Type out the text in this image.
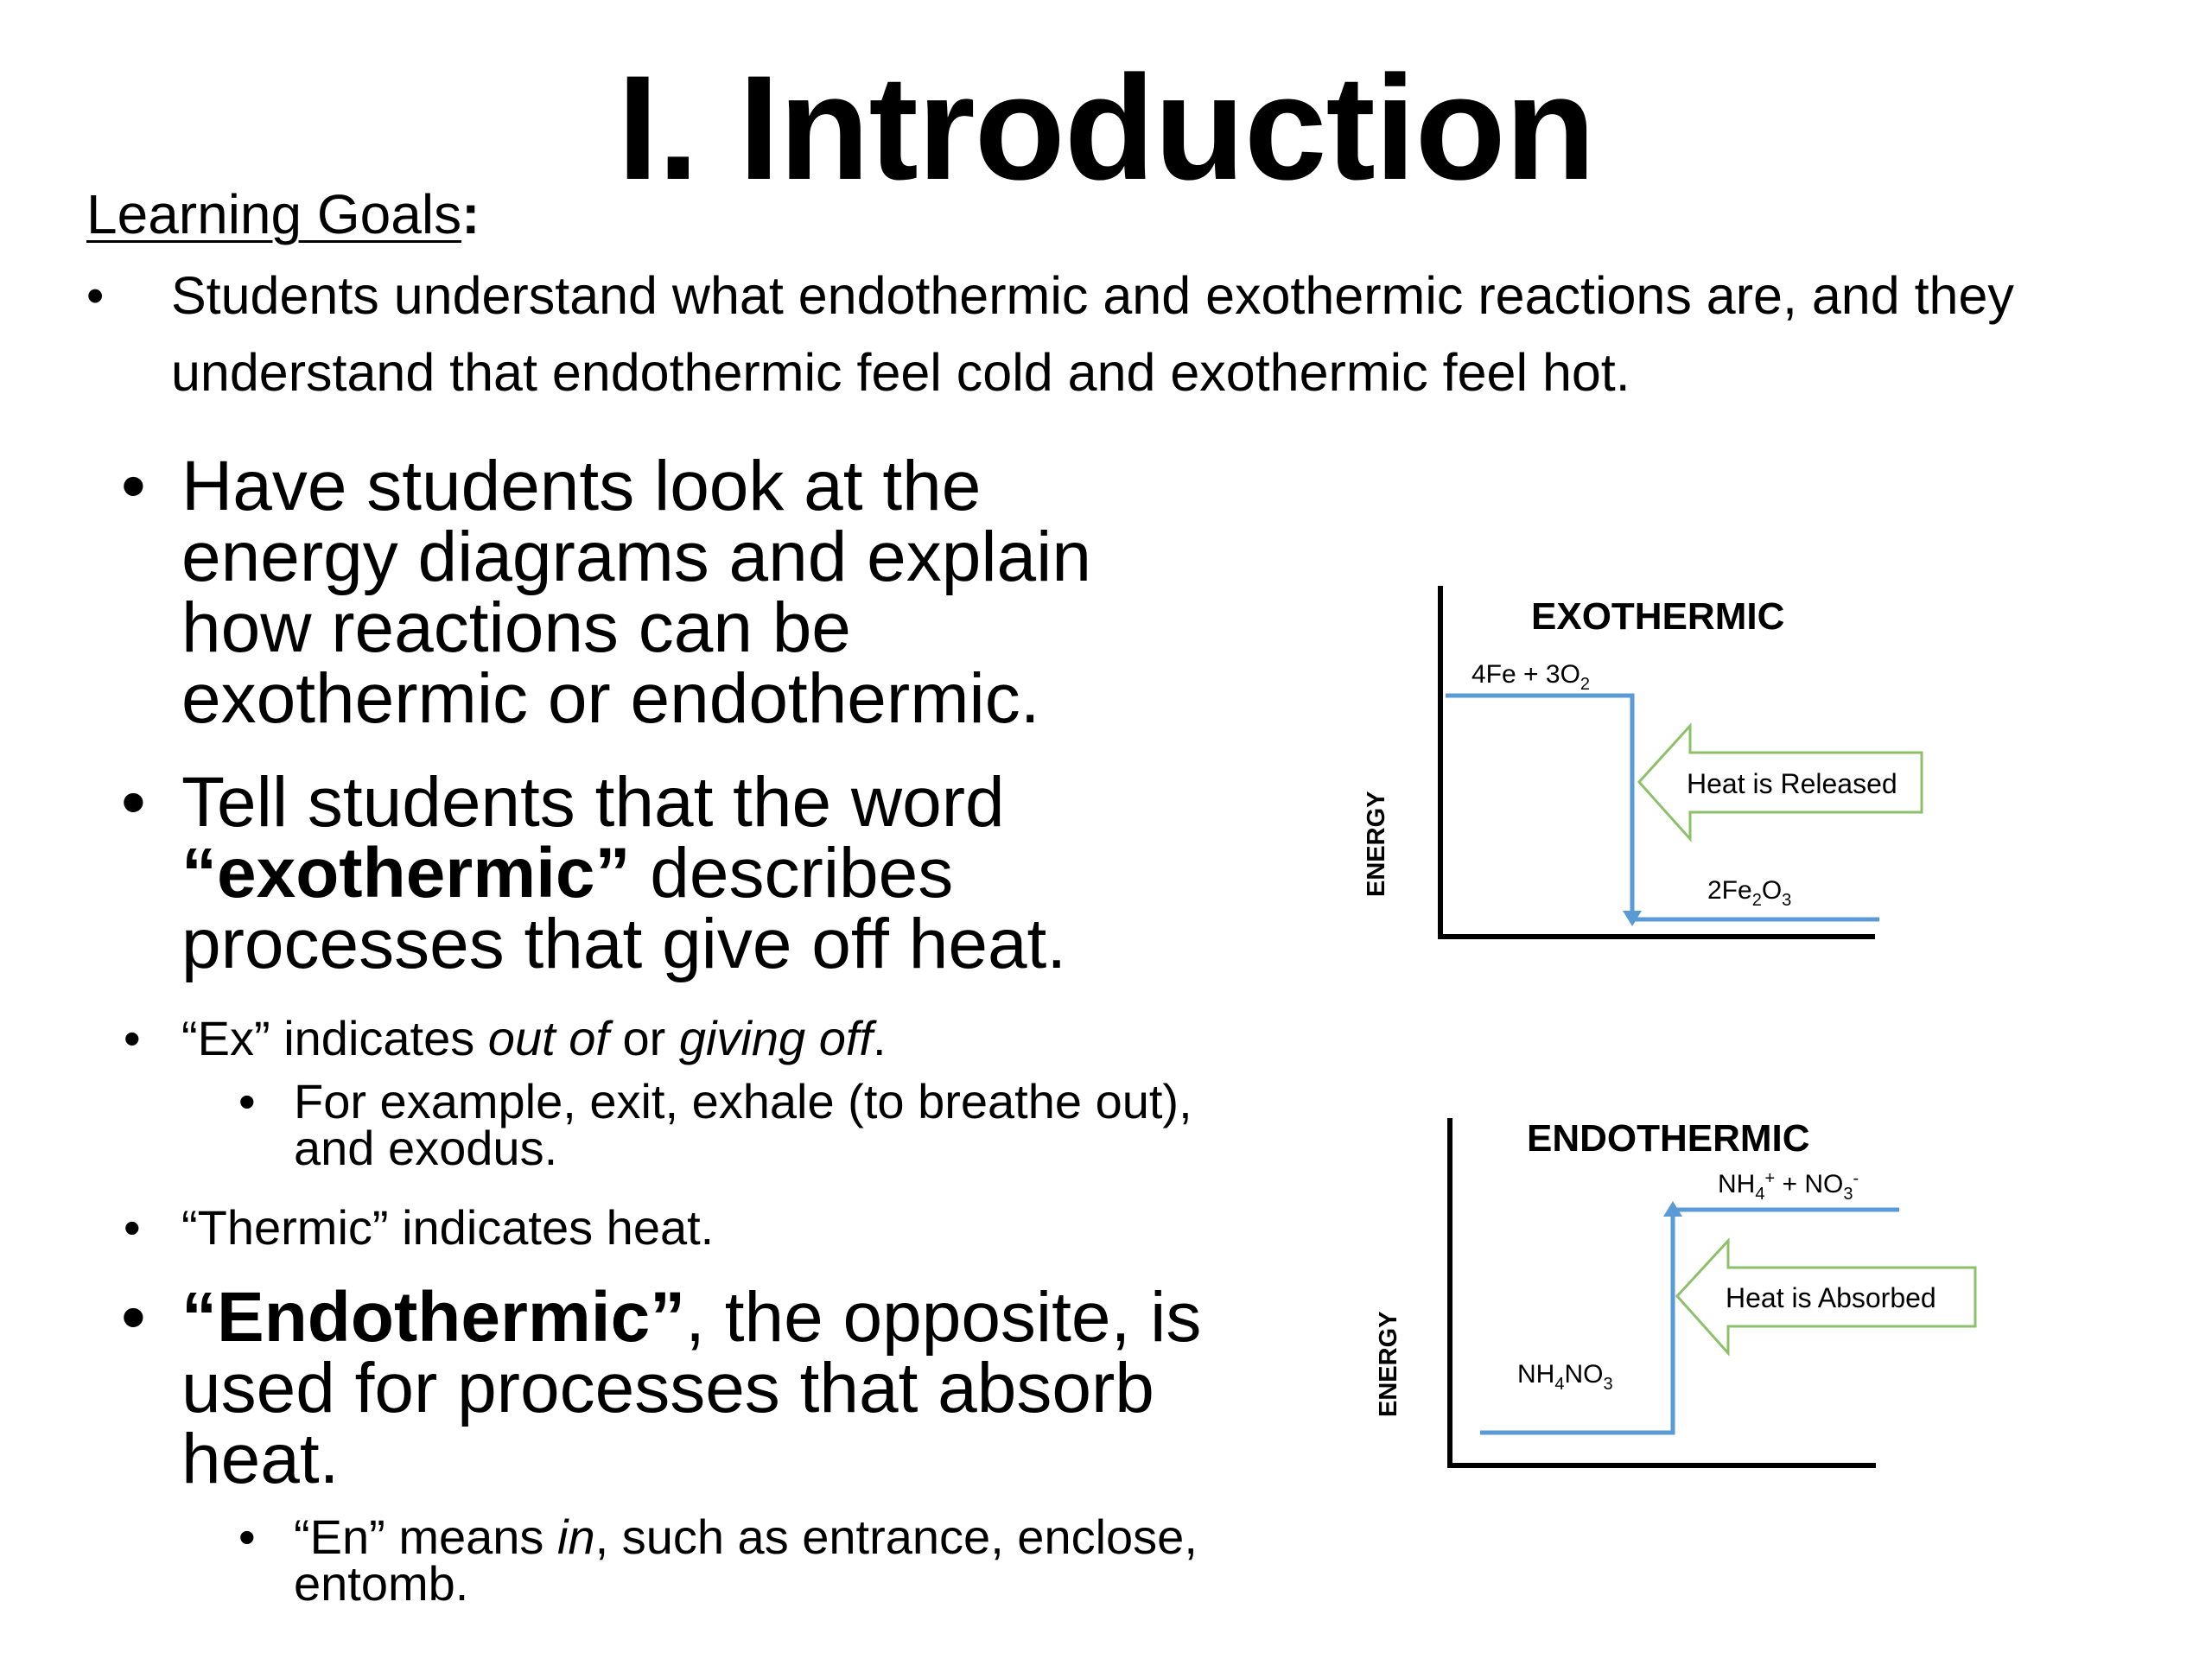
I. Introduction
Learning Goals:
• Students understand what endothermic and exothermic reactions are, and they understand that endothermic feel cold and exothermic feel hot.
• Have students look at the energy diagrams and explain how reactions can be exothermic or endothermic.
• Tell students that the word “exothermic” describes processes that give off heat.
• “Ex” indicates out of or giving off.
• For example, exit, exhale (to breathe out), and exodus.
• “Thermic” indicates heat.
• “Endothermic”, the opposite, is used for processes that absorb heat.
• “En” means in, such as entrance, enclose, entomb.
EXOTHERMIC
ENERGY
$4Fe + 3O_2$
$2Fe_2O_3$
Heat is Released
ENDOTHERMIC
ENERGY	$NH_4NO_3$
$NH_4^+ + NO_3^-$
Heat is Absorbed
